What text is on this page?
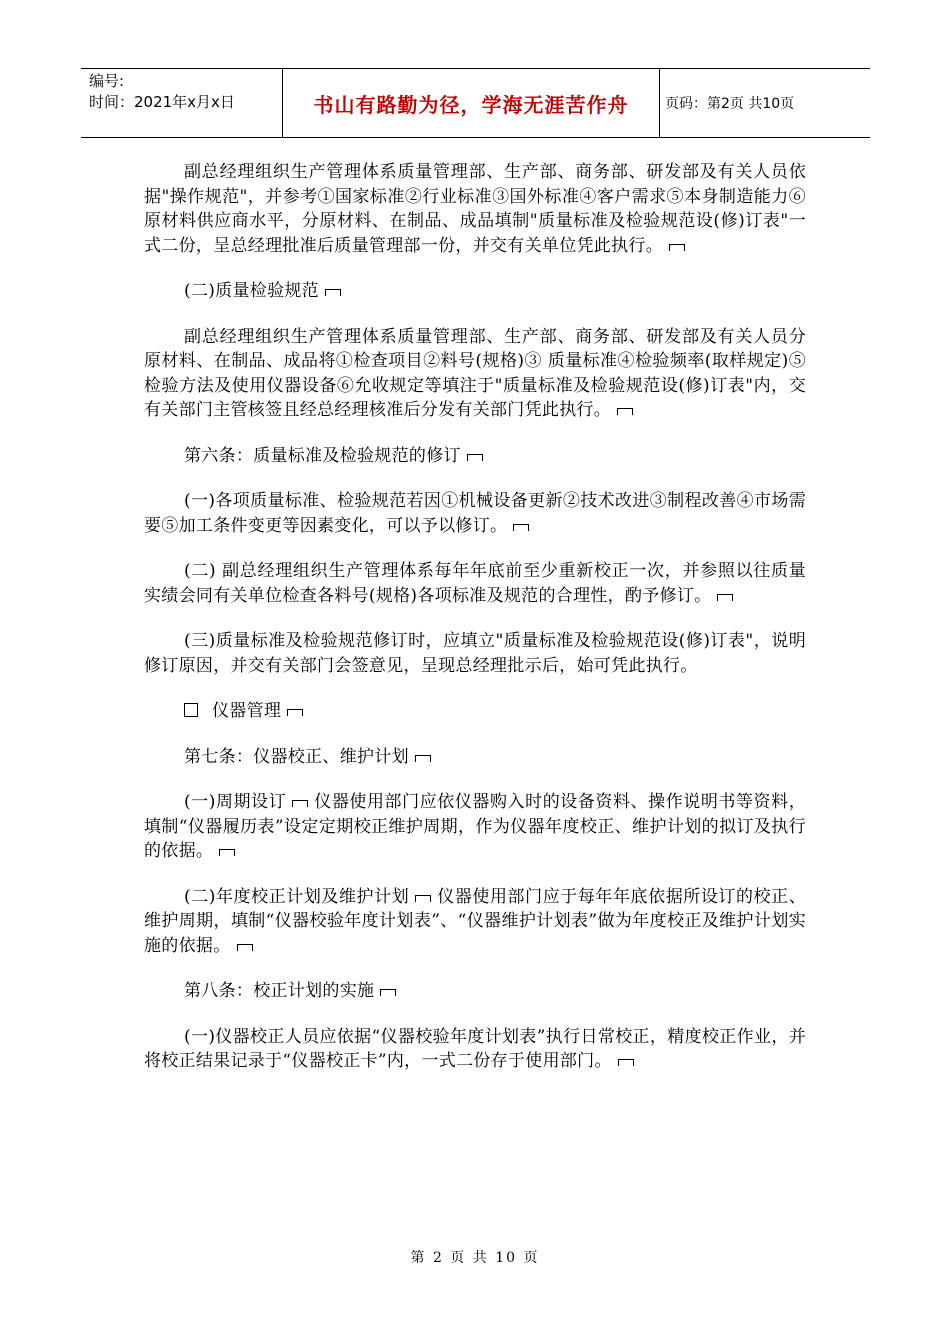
编号:
时间：2021年x月x日	书山有路勤为径，学海无涯苦作舟	页码：第2页 共10页

副总经理组织生产管理体系质量管理部、生产部、商务部、研发部及有关人员依据"操作规范"，并参考①国家标准②行业标准③国外标准④客户需求⑤本身制造能力⑥原材料供应商水平，分原材料、在制品、成品填制"质量标准及检验规范设(修)订表"一式二份，呈总经理批准后质量管理部一份，并交有关单位凭此执行。

(二)质量检验规范

副总经理组织生产管理体系质量管理部、生产部、商务部、研发部及有关人员分原材料、在制品、成品将①检查项目②料号(规格)③ 质量标准④检验频率(取样规定)⑤ 检验方法及使用仪器设备⑥允收规定等填注于"质量标准及检验规范设(修)订表"内，交有关部门主管核签且经总经理核准后分发有关部门凭此执行。

第六条：质量标准及检验规范的修订

(一)各项质量标准、检验规范若因①机械设备更新②技术改进③制程改善④市场需要⑤加工条件变更等因素变化，可以予以修订。

(二) 副总经理组织生产管理体系每年年底前至少重新校正一次，并参照以往质量实绩会同有关单位检查各料号(规格)各项标准及规范的合理性，酌予修订。

(三)质量标准及检验规范修订时，应填立"质量标准及检验规范设(修)订表"，说明修订原因，并交有关部门会签意见，呈现总经理批示后，始可凭此执行。

仪器管理

第七条：仪器校正、维护计划

(一)周期设订 仪器使用部门应依仪器购入时的设备资料、操作说明书等资料，填制“仪器履历表”设定定期校正维护周期，作为仪器年度校正、维护计划的拟订及执行的依据。

(二)年度校正计划及维护计划 仪器使用部门应于每年年底依据所设订的校正、维护周期，填制“仪器校验年度计划表”、“仪器维护计划表”做为年度校正及维护计划实施的依据。

第八条：校正计划的实施

(一)仪器校正人员应依据“仪器校验年度计划表”执行日常校正，精度校正作业，并将校正结果记录于“仪器校正卡”内，一式二份存于使用部门。

第 2 页 共 10 页
